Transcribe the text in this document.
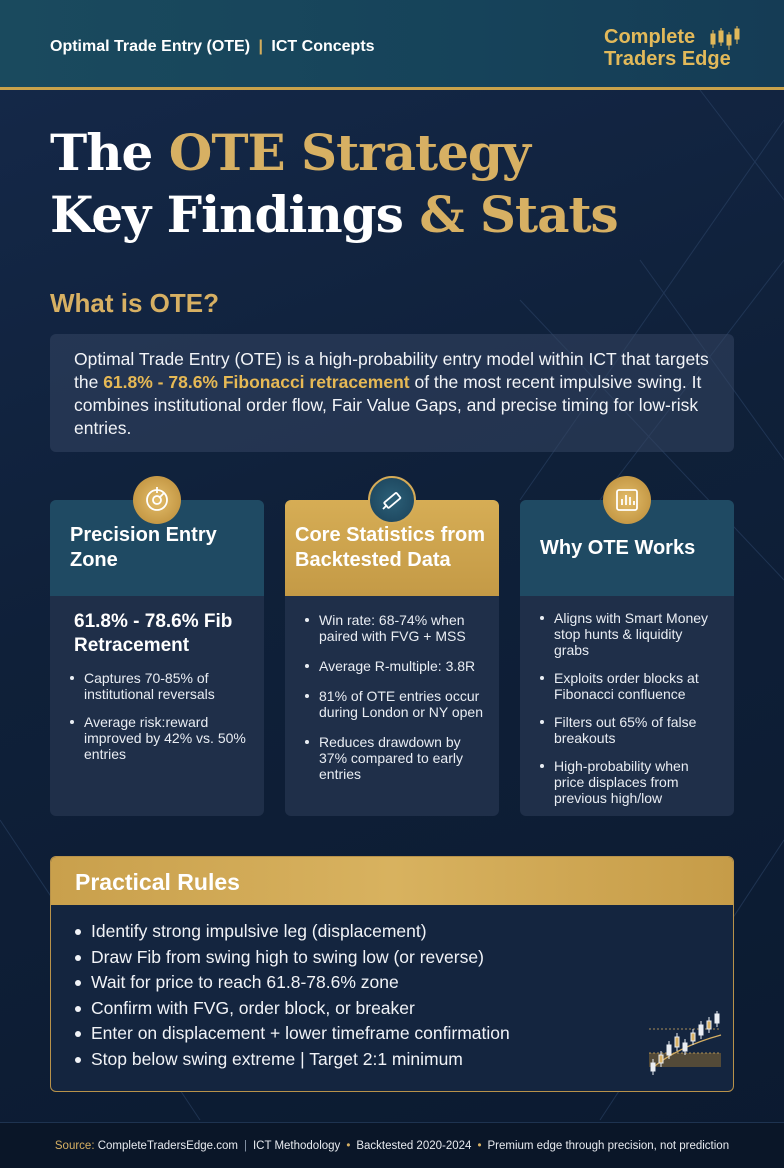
Optimal Trade Entry (OTE) | ICT Concepts	Complete
Traders Edge
The OTE Strategy
Key Findings & Stats
What is OTE?
Optimal Trade Entry (OTE) is a high-probability entry model within ICT that targets the 61.8% - 78.6% Fibonacci retracement of the most recent impulsive swing. It combines institutional order flow, Fair Value Gaps, and precise timing for low-risk entries.
Precision Entry Zone
61.8% - 78.6% Fib Retracement
Captures 70-85% of institutional reversals
Average risk:reward improved by 42% vs. 50% entries
Core Statistics from Backtested Data
Win rate: 68-74% when paired with FVG + MSS
Average R-multiple: 3.8R
81% of OTE entries occur during London or NY open
Reduces drawdown by 37% compared to early entries
Why OTE Works
Aligns with Smart Money stop hunts & liquidity grabs
Exploits order blocks at Fibonacci confluence
Filters out 65% of false breakouts
High-probability when price displaces from previous high/low
Practical Rules
Identify strong impulsive leg (displacement)
Draw Fib from swing high to swing low (or reverse)
Wait for price to reach 61.8-78.6% zone
Confirm with FVG, order block, or breaker
Enter on displacement + lower timeframe confirmation
Stop below swing extreme | Target 2:1 minimum
Source:
CompleteTradersEdge.com | ICT Methodology • Backtested 2020-2024 • Premium edge through precision, not prediction
